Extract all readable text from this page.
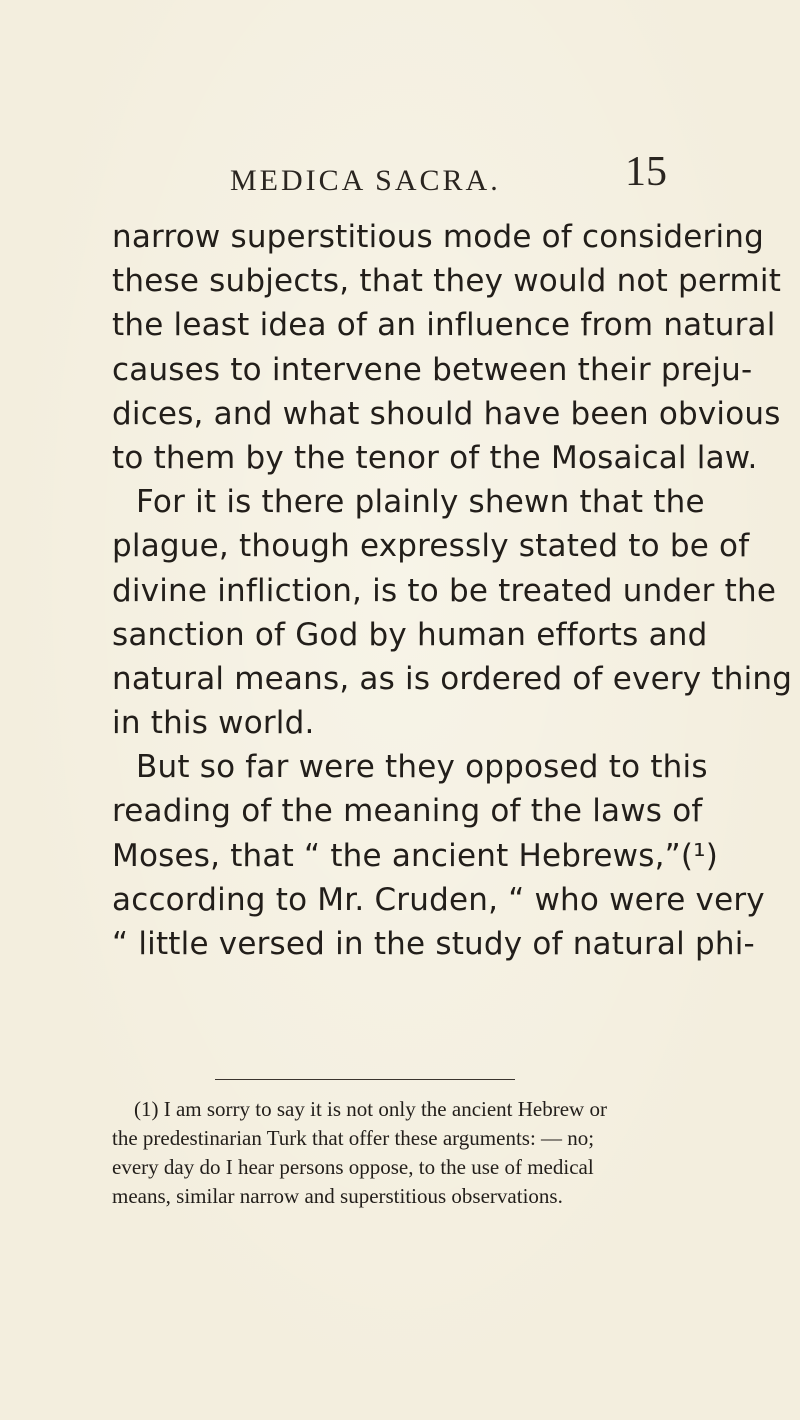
MEDICA SACRA.	15
narrow superstitious mode of considering
these subjects, that they would not permit
the least idea of an influence from natural
causes to intervene between their preju-
dices, and what should have been obvious
to them by the tenor of the Mosaical law.
For it is there plainly shewn that the
plague, though expressly stated to be of
divine infliction, is to be treated under the
sanction of God by human efforts and
natural means, as is ordered of every thing
in this world.
But so far were they opposed to this
reading of the meaning of the laws of
Moses, that “ the ancient Hebrews,”(¹)
according to Mr. Cruden, “ who were very
“ little versed in the study of natural phi-
(1) I am sorry to say it is not only the ancient Hebrew or
the predestinarian Turk that offer these arguments: — no;
every day do I hear persons oppose, to the use of medical
means, similar narrow and superstitious observations.
